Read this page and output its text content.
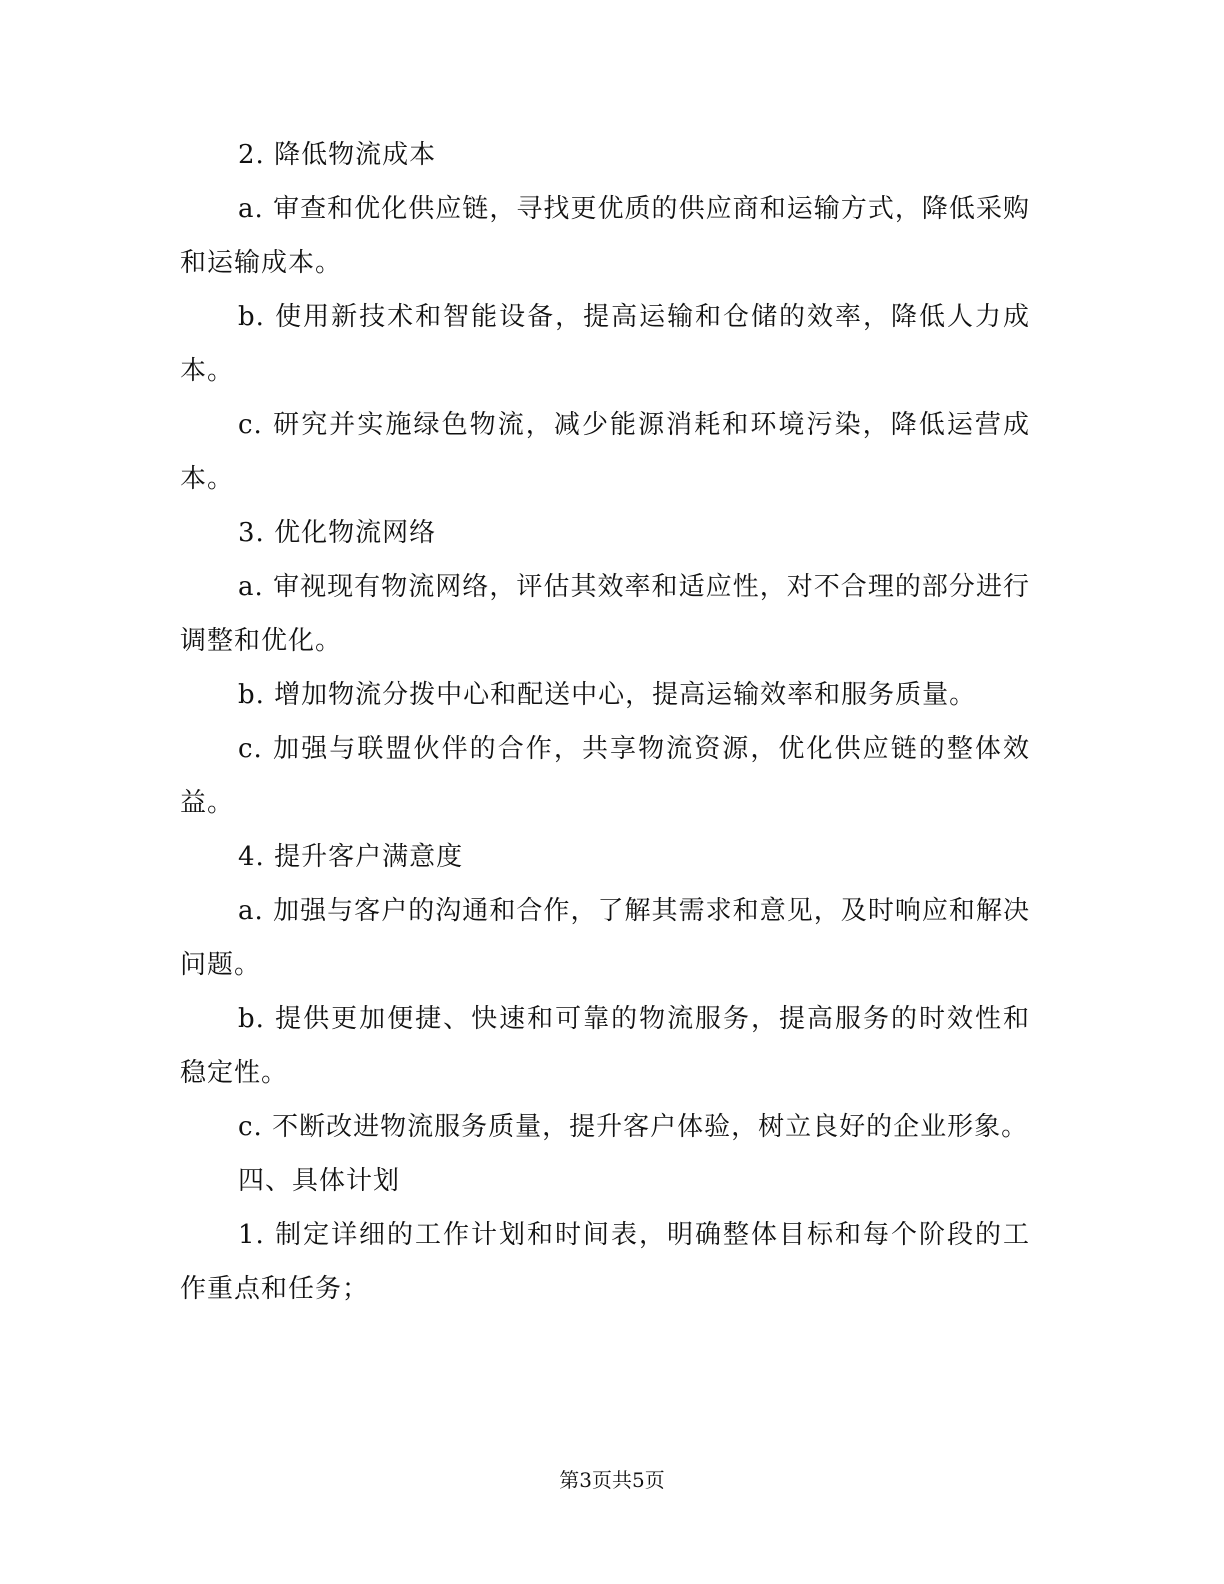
2. 降低物流成本

a. 审查和优化供应链，寻找更优质的供应商和运输方式，降低采购和运输成本。

b. 使用新技术和智能设备，提高运输和仓储的效率，降低人力成本。

c. 研究并实施绿色物流，减少能源消耗和环境污染，降低运营成本。

3. 优化物流网络

a. 审视现有物流网络，评估其效率和适应性，对不合理的部分进行调整和优化。

b. 增加物流分拨中心和配送中心，提高运输效率和服务质量。

c. 加强与联盟伙伴的合作，共享物流资源，优化供应链的整体效益。

4. 提升客户满意度

a. 加强与客户的沟通和合作，了解其需求和意见，及时响应和解决问题。

b. 提供更加便捷、快速和可靠的物流服务，提高服务的时效性和稳定性。

c. 不断改进物流服务质量，提升客户体验，树立良好的企业形象。

四、具体计划

1. 制定详细的工作计划和时间表，明确整体目标和每个阶段的工作重点和任务；

第3页共5页
